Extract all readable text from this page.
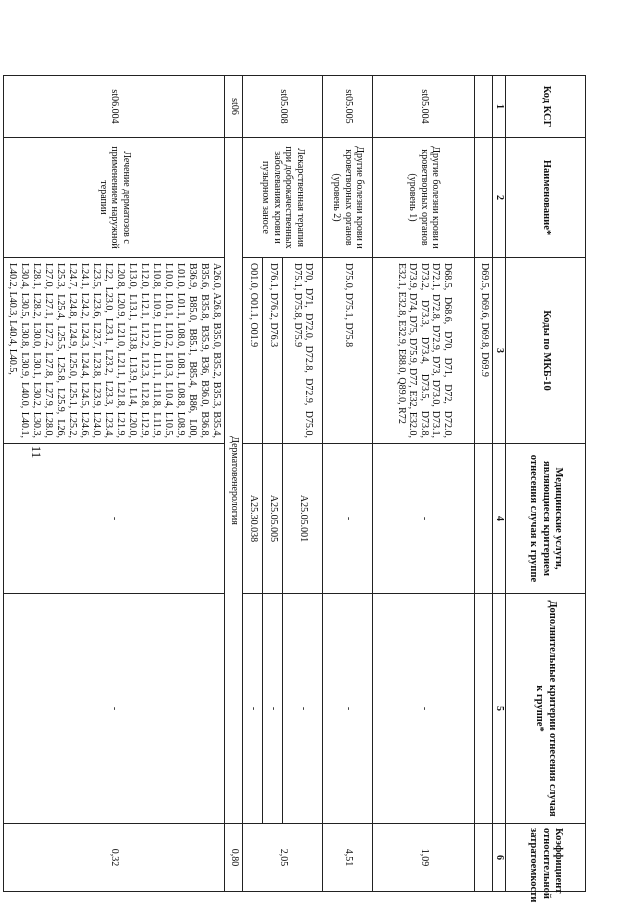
11
Код КСГ	Наименование*	Коды по МКБ-10	Медицинские услуги, являющиеся критерием отнесения случая к группе	Дополнительные критерии отнесения случая к группе*	Коэффициент относительной затратоемкости
1	2	3	4	5	6
		D69.5, D69.6, D69.8, D69.9			
st05.004	Другие болезни крови и кроветворных органов (уровень 1)	D68.5, D68.6, D70, D71, D72, D72.0, D72.1, D72.8, D72.9, D73, D73.0, D73.1, D73.2, D73.3, D73.4, D73.5, D73.8, D73.9, D74, D75, D75.9, D77, E32, E32.0, E32.1, E32.8, E32.9, E88.0, Q89.0, R72	-	-	1,09
st05.005	Другие болезни крови и кроветворных органов (уровень 2)	D75.0, D75.1, D75.8	-	-	4,51
st05.008	Лекарственная терапия при доброкачественных заболеваниях крови и пузырном заносе	D70, D71, D72.0, D72.8, D72.9, D75.0, D75.1, D75.8, D75.9	A25.05.001	-	2,05
		D76.1, D76.2, D76.3	A25.05.005	-	
		O01.0, O01.1, O01.9	A25.30.038	-	
st06	Дерматовенерология				0,80
st06.004	Лечение дерматозов с применением наружной терапии	A26.0, A26.8, B35.0, B35.2, B35.3, B35.4, B35.6, B35.8, B35.9, B36, B36.0, B36.8, B36.9, B85.0, B85.1, B85.4, B86, L00, L01.0, L01.1, L08.0, L08.1, L08.8, L08.9, L10.0, L10.1, L10.2, L10.3, L10.4, L10.5, L10.8, L10.9, L11.0, L11.1, L11.8, L11.9, L12.0, L12.1, L12.2, L12.3, L12.8, L12.9, L13.0, L13.1, L13.8, L13.9, L14, L20.0, L20.8, L20.9, L21.0, L21.1, L21.8, L21.9, L22, L23.0, L23.1, L23.2, L23.3, L23.4, L23.5, L23.6, L23.7, L23.8, L23.9, L24.0, L24.1, L24.2, L24.3, L24.4, L24.5, L24.6, L24.7, L24.8, L24.9, L25.0, L25.1, L25.2, L25.3, L25.4, L25.5, L25.8, L25.9, L26, L27.0, L27.1, L27.2, L27.8, L27.9, L28.0, L28.1, L28.2, L30.0, L30.1, L30.2, L30.3, L30.4, L30.5, L30.8, L30.9, L40.0, L40.1, L40.2, L40.3, L40.4, L40.5,	-	-	0,32
